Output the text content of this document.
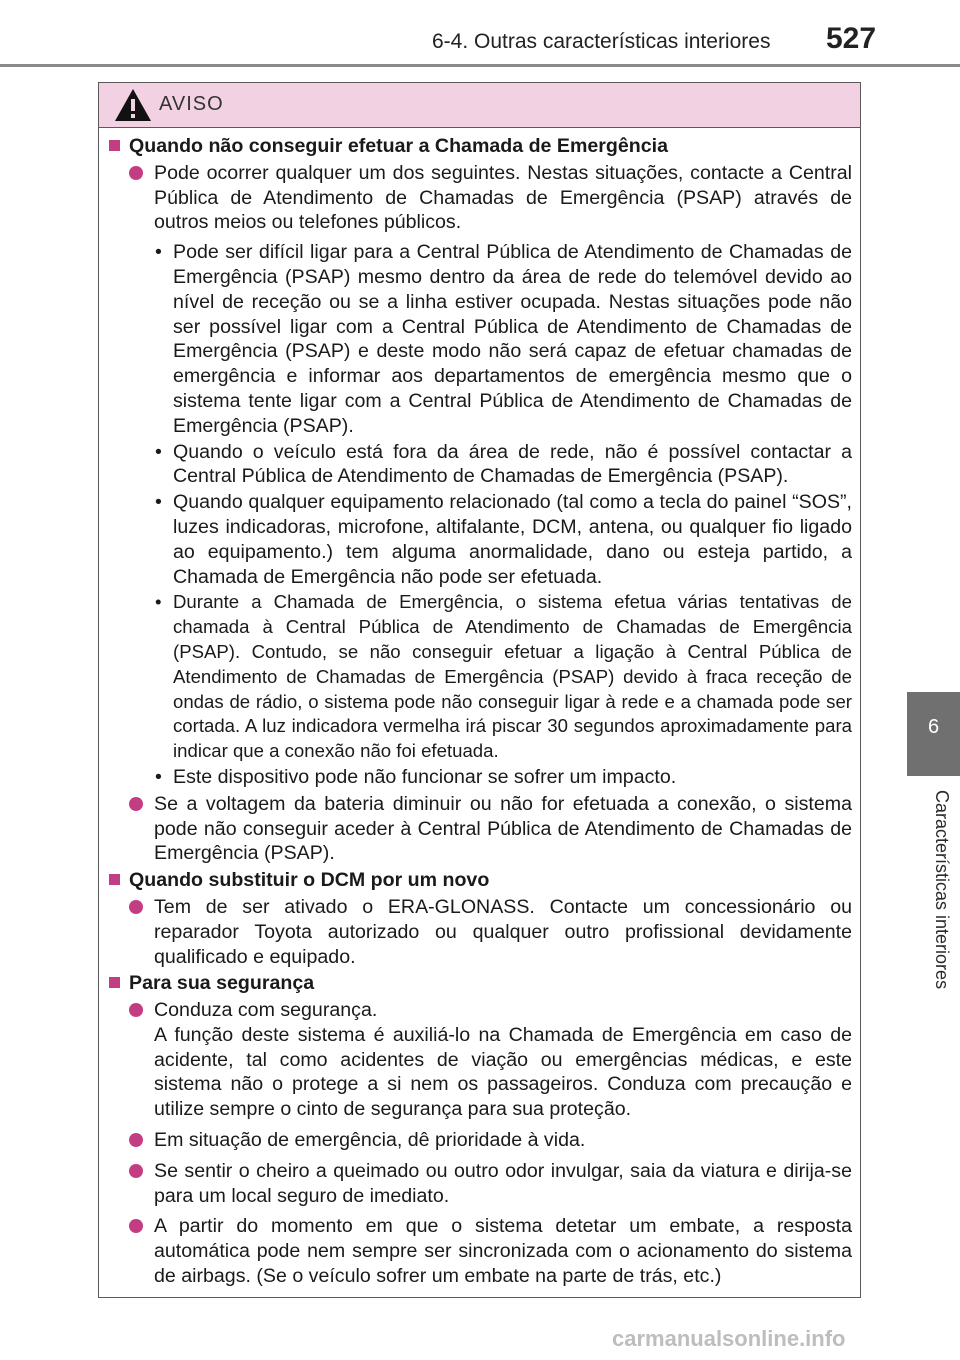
6-4. Outras características interiores 527
6
Características interiores
AVISO
Quando não conseguir efetuar a Chamada de Emergência
Pode ocorrer qualquer um dos seguintes. Nestas situações, contacte a Central Pública de Atendimento de Chamadas de Emergência (PSAP) através de outros meios ou telefones públicos.
• Pode ser difícil ligar para a Central Pública de Atendimento de Chamadas de Emergência (PSAP) mesmo dentro da área de rede do telemóvel devido ao nível de receção ou se a linha estiver ocupada. Nestas situações pode não ser possível ligar com a Central Pública de Atendimento de Chamadas de Emergência (PSAP) e deste modo não será capaz de efetuar chamadas de emergência e informar aos departamentos de emergência mesmo que o sistema tente ligar com a Central Pública de Atendimento de Chamadas de Emergência (PSAP).
• Quando o veículo está fora da área de rede, não é possível contactar a Central Pública de Atendimento de Chamadas de Emergência (PSAP).
• Quando qualquer equipamento relacionado (tal como a tecla do painel “SOS”, luzes indicadoras, microfone, altifalante, DCM, antena, ou qualquer fio ligado ao equipamento.) tem alguma anormalidade, dano ou esteja partido, a Chamada de Emergência não pode ser efetuada.
• Durante a Chamada de Emergência, o sistema efetua várias tentativas de chamada à Central Pública de Atendimento de Chamadas de Emergência (PSAP). Contudo, se não conseguir efetuar a ligação à Central Pública de Atendimento de Chamadas de Emergência (PSAP) devido à fraca receção de ondas de rádio, o sistema pode não conseguir ligar à rede e a chamada pode ser cortada. A luz indicadora vermelha irá piscar 30 segundos aproximadamente para indicar que a conexão não foi efetuada.
• Este dispositivo pode não funcionar se sofrer um impacto.
Se a voltagem da bateria diminuir ou não for efetuada a conexão, o sistema pode não conseguir aceder à Central Pública de Atendimento de Chamadas de Emergência (PSAP).
Quando substituir o DCM por um novo
Tem de ser ativado o ERA-GLONASS. Contacte um concessionário ou reparador Toyota autorizado ou qualquer outro profissional devidamente qualificado e equipado.
Para sua segurança
Conduza com segurança.
A função deste sistema é auxiliá-lo na Chamada de Emergência em caso de acidente, tal como acidentes de viação ou emergências médicas, e este sistema não o protege a si nem os passageiros. Conduza com precaução e utilize sempre o cinto de segurança para sua proteção.
Em situação de emergência, dê prioridade à vida.
Se sentir o cheiro a queimado ou outro odor invulgar, saia da viatura e dirija-se para um local seguro de imediato.
A partir do momento em que o sistema detetar um embate, a resposta automática pode nem sempre ser sincronizada com o acionamento do sistema de airbags. (Se o veículo sofrer um embate na parte de trás, etc.)
carmanualsonline.info
